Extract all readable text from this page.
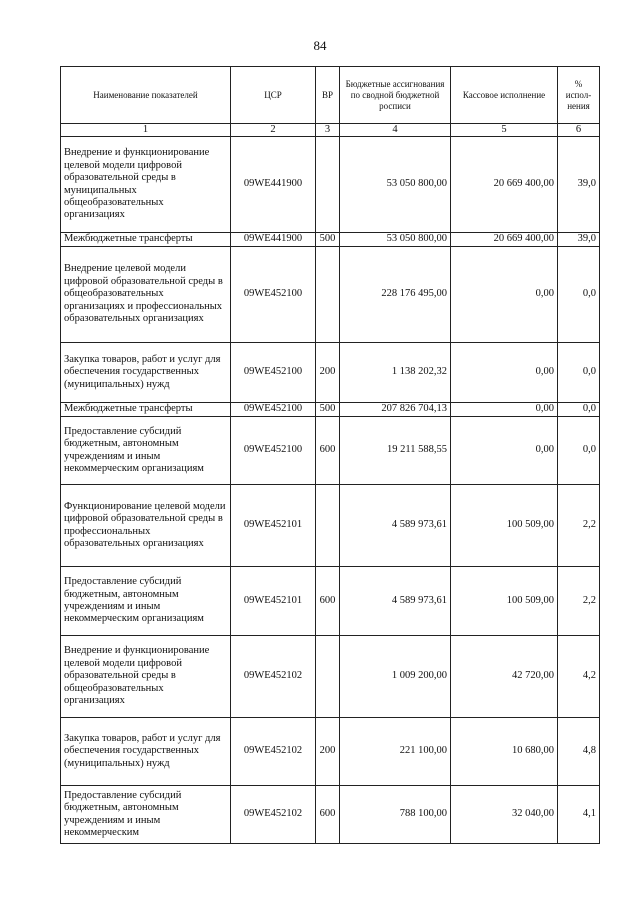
84
Наименование показателей	ЦСР	ВР	Бюджетные ассигнования по сводной бюджетной росписи	Кассовое исполнение	% испол-нения
1	2	3	4	5	6
Внедрение и функционирование целевой модели цифровой образовательной среды в муниципальных общеобразовательных организациях	09WE441900		53 050 800,00	20 669 400,00	39,0
Межбюджетные трансферты	09WE441900	500	53 050 800,00	20 669 400,00	39,0
Внедрение целевой модели цифровой образовательной среды в общеобразовательных организациях и профессиональных образовательных организациях	09WE452100		228 176 495,00	0,00	0,0
Закупка товаров, работ и услуг для обеспечения государственных (муниципальных) нужд	09WE452100	200	1 138 202,32	0,00	0,0
Межбюджетные трансферты	09WE452100	500	207 826 704,13	0,00	0,0
Предоставление субсидий бюджетным, автономным учреждениям и иным некоммерческим организациям	09WE452100	600	19 211 588,55	0,00	0,0
Функционирование целевой модели цифровой образовательной среды в профессиональных образовательных организациях	09WE452101		4 589 973,61	100 509,00	2,2
Предоставление субсидий бюджетным, автономным учреждениям и иным некоммерческим организациям	09WE452101	600	4 589 973,61	100 509,00	2,2
Внедрение и функционирование целевой модели цифровой образовательной среды в общеобразовательных организациях	09WE452102		1 009 200,00	42 720,00	4,2
Закупка товаров, работ и услуг для обеспечения государственных (муниципальных) нужд	09WE452102	200	221 100,00	10 680,00	4,8
Предоставление субсидий бюджетным, автономным учреждениям и иным некоммерческим	09WE452102	600	788 100,00	32 040,00	4,1
